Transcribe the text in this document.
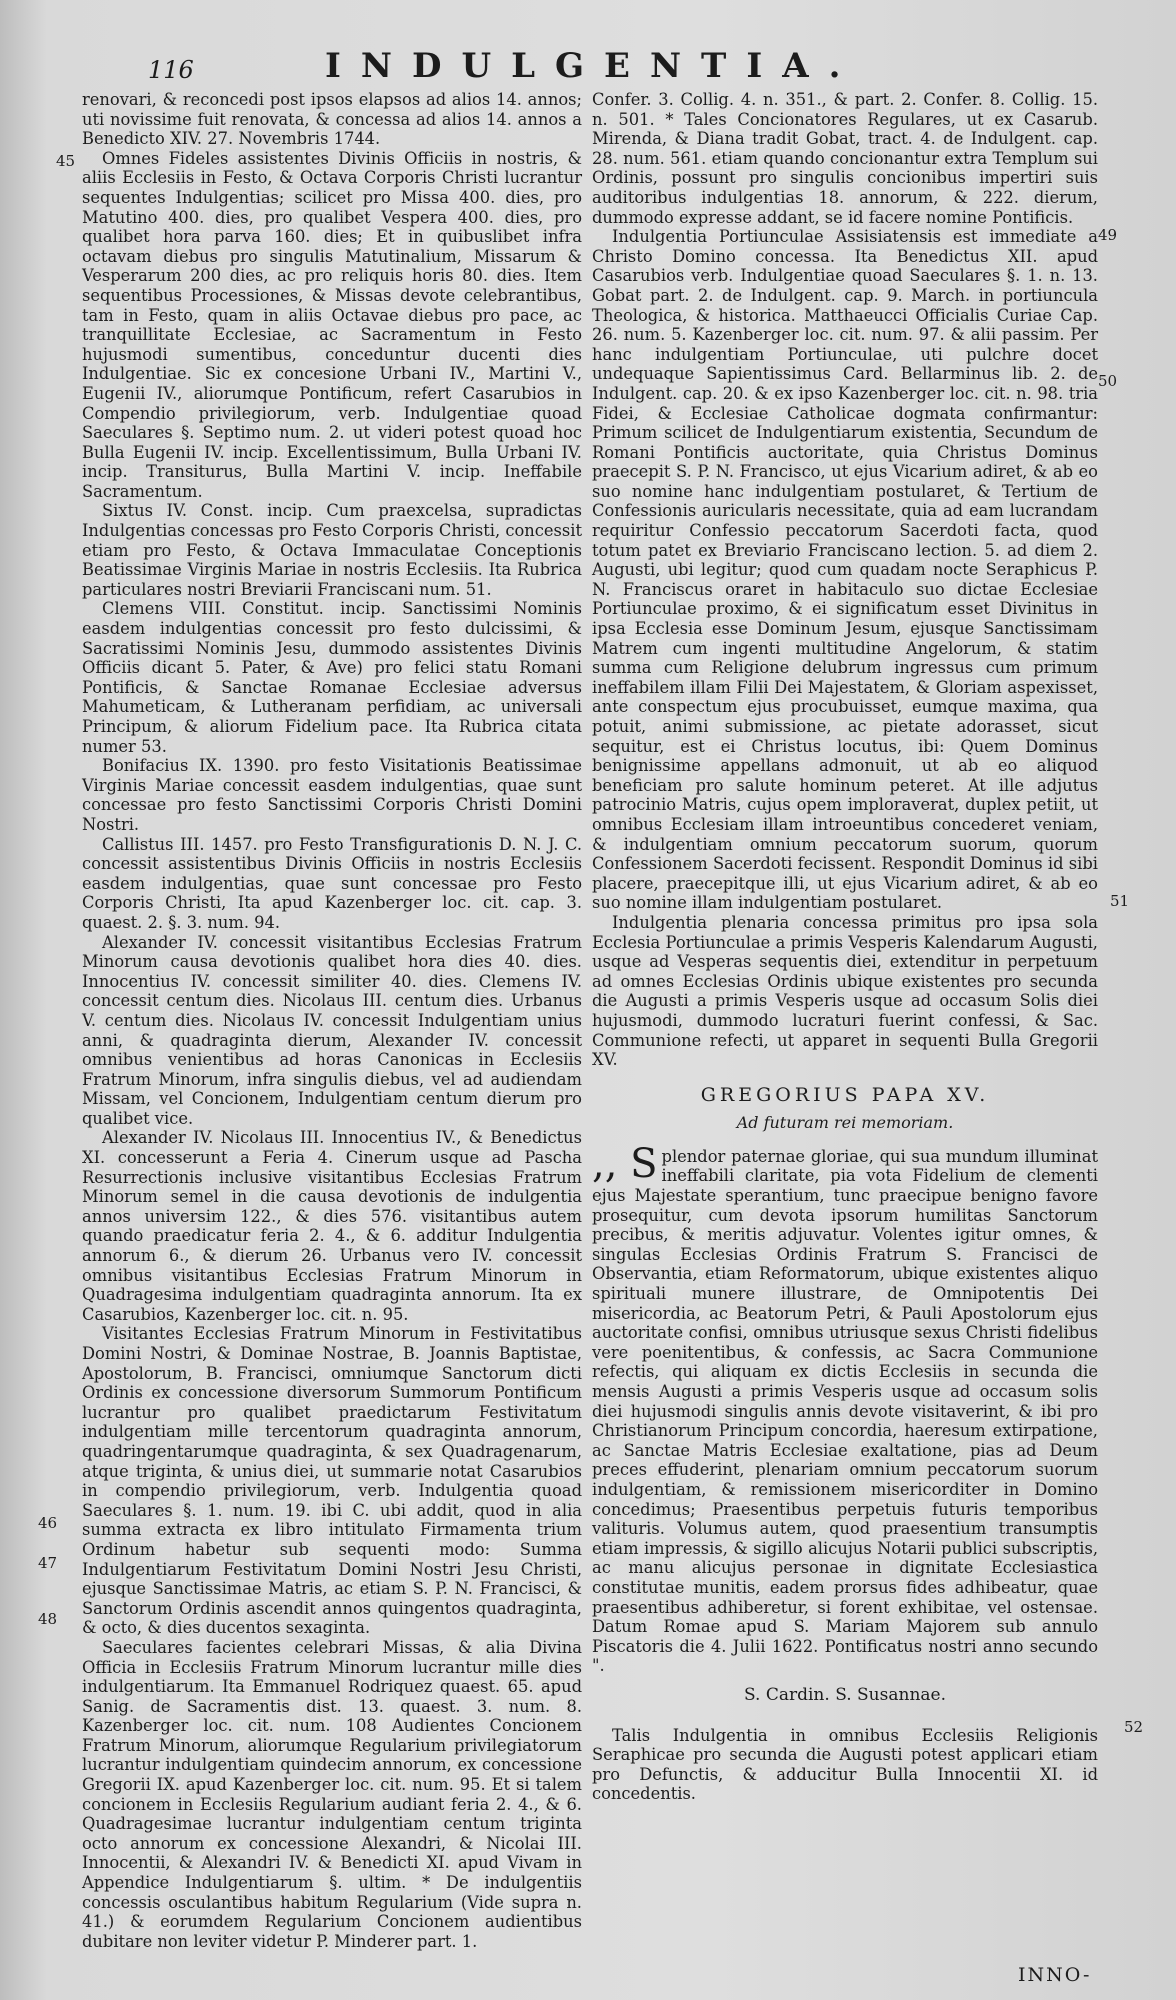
116	INDULGENTIA.
45
46
47
48
49
50
51
52

renovari, & reconcedi post ipsos elapsos ad alios 14. annos; uti novissime fuit renovata, & concessa ad alios 14. annos a Benedicto XIV. 27. Novembris 1744.

Omnes Fideles assistentes Divinis Officiis in nostris, & aliis Ecclesiis in Festo, & Octava Corporis Christi lucrantur sequentes Indulgentias; scilicet pro Missa 400. dies, pro Matutino 400. dies, pro qualibet Vespera 400. dies, pro qualibet hora parva 160. dies; Et in quibuslibet infra octavam diebus pro singulis Matutinalium, Missarum & Vesperarum 200 dies, ac pro reliquis horis 80. dies. Item sequentibus Processiones, & Missas devote celebrantibus, tam in Festo, quam in aliis Octavae diebus pro pace, ac tranquillitate Ecclesiae, ac Sacramentum in Festo hujusmodi sumentibus, conceduntur ducenti dies Indulgentiae. Sic ex concesione Urbani IV., Martini V., Eugenii IV., aliorumque Pontificum, refert Casarubios in Compendio privilegiorum, verb. Indulgentiae quoad Saeculares §. Septimo num. 2. ut videri potest quoad hoc Bulla Eugenii IV. incip. Excellentissimum, Bulla Urbani IV. incip. Transiturus, Bulla Martini V. incip. Ineffabile Sacramentum.

Sixtus IV. Const. incip. Cum praexcelsa, supradictas Indulgentias concessas pro Festo Corporis Christi, concessit etiam pro Festo, & Octava Immaculatae Conceptionis Beatissimae Virginis Mariae in nostris Ecclesiis. Ita Rubrica particulares nostri Breviarii Franciscani num. 51.

Clemens VIII. Constitut. incip. Sanctissimi Nominis easdem indulgentias concessit pro festo dulcissimi, & Sacratissimi Nominis Jesu, dummodo assistentes Divinis Officiis dicant 5. Pater, & Ave) pro felici statu Romani Pontificis, & Sanctae Romanae Ecclesiae adversus Mahumeticam, & Lutheranam perfidiam, ac universali Principum, & aliorum Fidelium pace. Ita Rubrica citata numer 53.

Bonifacius IX. 1390. pro festo Visitationis Beatissimae Virginis Mariae concessit easdem indulgentias, quae sunt concessae pro festo Sanctissimi Corporis Christi Domini Nostri.

Callistus III. 1457. pro Festo Transfigurationis D. N. J. C. concessit assistentibus Divinis Officiis in nostris Ecclesiis easdem indulgentias, quae sunt concessae pro Festo Corporis Christi, Ita apud Kazenberger loc. cit. cap. 3. quaest. 2. §. 3. num. 94.

Alexander IV. concessit visitantibus Ecclesias Fratrum Minorum causa devotionis qualibet hora dies 40. dies. Innocentius IV. concessit similiter 40. dies. Clemens IV. concessit centum dies. Nicolaus III. centum dies. Urbanus V. centum dies. Nicolaus IV. concessit Indulgentiam unius anni, & quadraginta dierum, Alexander IV. concessit omnibus venientibus ad horas Canonicas in Ecclesiis Fratrum Minorum, infra singulis diebus, vel ad audiendam Missam, vel Concionem, Indulgentiam centum dierum pro qualibet vice.

Alexander IV. Nicolaus III. Innocentius IV., & Benedictus XI. concesserunt a Feria 4. Cinerum usque ad Pascha Resurrectionis inclusive visitantibus Ecclesias Fratrum Minorum semel in die causa devotionis de indulgentia annos universim 122., & dies 576. visitantibus autem quando praedicatur feria 2. 4., & 6. additur Indulgentia annorum 6., & dierum 26. Urbanus vero IV. concessit omnibus visitantibus Ecclesias Fratrum Minorum in Quadragesima indulgentiam quadraginta annorum. Ita ex Casarubios, Kazenberger loc. cit. n. 95.

Visitantes Ecclesias Fratrum Minorum in Festivitatibus Domini Nostri, & Dominae Nostrae, B. Joannis Baptistae, Apostolorum, B. Francisci, omniumque Sanctorum dicti Ordinis ex concessione diversorum Summorum Pontificum lucrantur pro qualibet praedictarum Festivitatum indulgentiam mille tercentorum quadraginta annorum, quadringentarumque quadraginta, & sex Quadragenarum, atque triginta, & unius diei, ut summarie notat Casarubios in compendio privilegiorum, verb. Indulgentia quoad Saeculares §. 1. num. 19. ibi C. ubi addit, quod in alia summa extracta ex libro intitulato Firmamenta trium Ordinum habetur sub sequenti modo: Summa Indulgentiarum Festivitatum Domini Nostri Jesu Christi, ejusque Sanctissimae Matris, ac etiam S. P. N. Francisci, & Sanctorum Ordinis ascendit annos quingentos quadraginta, & octo, & dies ducentos sexaginta.

Saeculares facientes celebrari Missas, & alia Divina Officia in Ecclesiis Fratrum Minorum lucrantur mille dies indulgentiarum. Ita Emmanuel Rodriquez quaest. 65. apud Sanig. de Sacramentis dist. 13. quaest. 3. num. 8. Kazenberger loc. cit. num. 108 Audientes Concionem Fratrum Minorum, aliorumque Regularium privilegiatorum lucrantur indulgentiam quindecim annorum, ex concessione Gregorii IX. apud Kazenberger loc. cit. num. 95. Et si talem concionem in Ecclesiis Regularium audiant feria 2. 4., & 6. Quadragesimae lucrantur indulgentiam centum triginta octo annorum ex concessione Alexandri, & Nicolai III. Innocentii, & Alexandri IV. & Benedicti XI. apud Vivam in Appendice Indulgentiarum §. ultim. * De indulgentiis concessis osculantibus habitum Regularium (Vide supra n. 41.) & eorumdem Regularium Concionem audientibus dubitare non leviter videtur P. Minderer part. 1.

Confer. 3. Collig. 4. n. 351., & part. 2. Confer. 8. Collig. 15. n. 501. * Tales Concionatores Regulares, ut ex Casarub. Mirenda, & Diana tradit Gobat, tract. 4. de Indulgent. cap. 28. num. 561. etiam quando concionantur extra Templum sui Ordinis, possunt pro singulis concionibus impertiri suis auditoribus indulgentias 18. annorum, & 222. dierum, dummodo expresse addant, se id facere nomine Pontificis.

Indulgentia Portiunculae Assisiatensis est immediate a Christo Domino concessa. Ita Benedictus XII. apud Casarubios verb. Indulgentiae quoad Saeculares §. 1. n. 13. Gobat part. 2. de Indulgent. cap. 9. March. in portiuncula Theologica, & historica. Matthaeucci Officialis Curiae Cap. 26. num. 5. Kazenberger loc. cit. num. 97. & alii passim. Per hanc indulgentiam Portiunculae, uti pulchre docet undequaque Sapientissimus Card. Bellarminus lib. 2. de Indulgent. cap. 20. & ex ipso Kazenberger loc. cit. n. 98. tria Fidei, & Ecclesiae Catholicae dogmata confirmantur: Primum scilicet de Indulgentiarum existentia, Secundum de Romani Pontificis auctoritate, quia Christus Dominus praecepit S. P. N. Francisco, ut ejus Vicarium adiret, & ab eo suo nomine hanc indulgentiam postularet, & Tertium de Confessionis auricularis necessitate, quia ad eam lucrandam requiritur Confessio peccatorum Sacerdoti facta, quod totum patet ex Breviario Franciscano lection. 5. ad diem 2. Augusti, ubi legitur; quod cum quadam nocte Seraphicus P. N. Franciscus oraret in habitaculo suo dictae Ecclesiae Portiunculae proximo, & ei significatum esset Divinitus in ipsa Ecclesia esse Dominum Jesum, ejusque Sanctissimam Matrem cum ingenti multitudine Angelorum, & statim summa cum Religione delubrum ingressus cum primum ineffabilem illam Filii Dei Majestatem, & Gloriam aspexisset, ante conspectum ejus procubuisset, eumque maxima, qua potuit, animi submissione, ac pietate adorasset, sicut sequitur, est ei Christus locutus, ibi: Quem Dominus benignissime appellans admonuit, ut ab eo aliquod beneficiam pro salute hominum peteret. At ille adjutus patrocinio Matris, cujus opem imploraverat, duplex petiit, ut omnibus Ecclesiam illam introeuntibus concederet veniam, & indulgentiam omnium peccatorum suorum, quorum Confessionem Sacerdoti fecissent. Respondit Dominus id sibi placere, praecepitque illi, ut ejus Vicarium adiret, & ab eo suo nomine illam indulgentiam postularet.

Indulgentia plenaria concessa primitus pro ipsa sola Ecclesia Portiunculae a primis Vesperis Kalendarum Augusti, usque ad Vesperas sequentis diei, extenditur in perpetuum ad omnes Ecclesias Ordinis ubique existentes pro secunda die Augusti a primis Vesperis usque ad occasum Solis diei hujusmodi, dummodo lucraturi fuerint confessi, & Sac. Communione refecti, ut apparet in sequenti Bulla Gregorii XV.

GREGORIUS PAPA XV.
Ad futuram rei memoriam.

,, S plendor paternae gloriae, qui sua mundum illuminat ineffabili claritate, pia vota Fidelium de clementi ejus Majestate sperantium, tunc praecipue benigno favore prosequitur, cum devota ipsorum humilitas Sanctorum precibus, & meritis adjuvatur. Volentes igitur omnes, & singulas Ecclesias Ordinis Fratrum S. Francisci de Observantia, etiam Reformatorum, ubique existentes aliquo spirituali munere illustrare, de Omnipotentis Dei misericordia, ac Beatorum Petri, & Pauli Apostolorum ejus auctoritate confisi, omnibus utriusque sexus Christi fidelibus vere poenitentibus, & confessis, ac Sacra Communione refectis, qui aliquam ex dictis Ecclesiis in secunda die mensis Augusti a primis Vesperis usque ad occasum solis diei hujusmodi singulis annis devote visitaverint, & ibi pro Christianorum Principum concordia, haeresum extirpatione, ac Sanctae Matris Ecclesiae exaltatione, pias ad Deum preces effuderint, plenariam omnium peccatorum suorum indulgentiam, & remissionem misericorditer in Domino concedimus; Praesentibus perpetuis futuris temporibus valituris. Volumus autem, quod praesentium transumptis etiam impressis, & sigillo alicujus Notarii publici subscriptis, ac manu alicujus personae in dignitate Ecclesiastica constitutae munitis, eadem prorsus fides adhibeatur, quae praesentibus adhiberetur, si forent exhibitae, vel ostensae. Datum Romae apud S. Mariam Majorem sub annulo Piscatoris die 4. Julii 1622. Pontificatus nostri anno secundo ".

S. Cardin. S. Susannae.

Talis Indulgentia in omnibus Ecclesiis Religionis Seraphicae pro secunda die Augusti potest applicari etiam pro Defunctis, & adducitur Bulla Innocentii XI. id concedentis.

INNO-
